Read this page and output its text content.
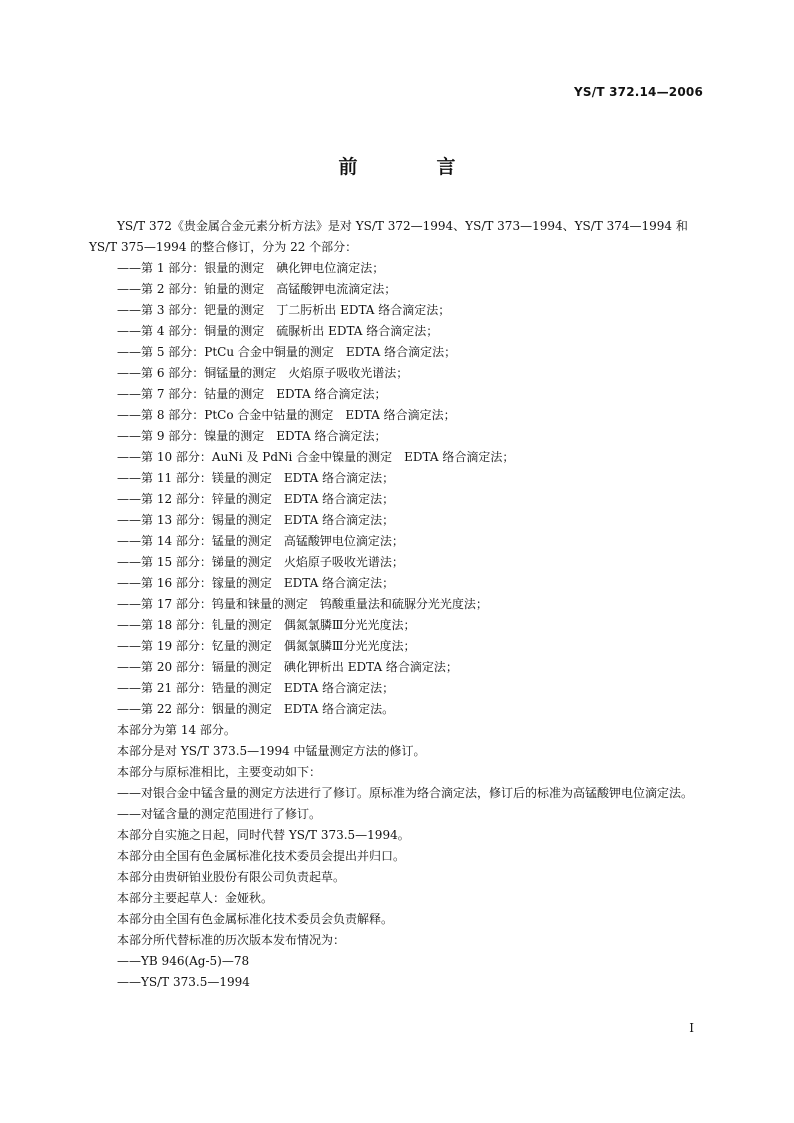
YS/T 372.14—2006
前　言

YS/T 372《贵金属合金元素分析方法》是对 YS/T 372—1994、YS/T 373—1994、YS/T 374—1994 和 YS/T 375—1994 的整合修订，分为 22 个部分：

——第 1 部分：银量的测定　碘化钾电位滴定法；

——第 2 部分：铂量的测定　高锰酸钾电流滴定法；

——第 3 部分：钯量的测定　丁二肟析出 EDTA 络合滴定法；

——第 4 部分：铜量的测定　硫脲析出 EDTA 络合滴定法；

——第 5 部分：PtCu 合金中铜量的测定　EDTA 络合滴定法；

——第 6 部分：铜锰量的测定　火焰原子吸收光谱法；

——第 7 部分：钴量的测定　EDTA 络合滴定法；

——第 8 部分：PtCo 合金中钴量的测定　EDTA 络合滴定法；

——第 9 部分：镍量的测定　EDTA 络合滴定法；

——第 10 部分：AuNi 及 PdNi 合金中镍量的测定　EDTA 络合滴定法；

——第 11 部分：镁量的测定　EDTA 络合滴定法；

——第 12 部分：锌量的测定　EDTA 络合滴定法；

——第 13 部分：锡量的测定　EDTA 络合滴定法；

——第 14 部分：锰量的测定　高锰酸钾电位滴定法；

——第 15 部分：锑量的测定　火焰原子吸收光谱法；

——第 16 部分：镓量的测定　EDTA 络合滴定法；

——第 17 部分：钨量和铼量的测定　钨酸重量法和硫脲分光光度法；

——第 18 部分：钆量的测定　偶氮氯膦Ⅲ分光光度法；

——第 19 部分：钇量的测定　偶氮氯膦Ⅲ分光光度法；

——第 20 部分：镉量的测定　碘化钾析出 EDTA 络合滴定法；

——第 21 部分：锆量的测定　EDTA 络合滴定法；

——第 22 部分：铟量的测定　EDTA 络合滴定法。

本部分为第 14 部分。

本部分是对 YS/T 373.5—1994 中锰量测定方法的修订。

本部分与原标准相比，主要变动如下：

——对银合金中锰含量的测定方法进行了修订。原标准为络合滴定法，修订后的标准为高锰酸钾电位滴定法。

——对锰含量的测定范围进行了修订。

本部分自实施之日起，同时代替 YS/T 373.5—1994。

本部分由全国有色金属标准化技术委员会提出并归口。

本部分由贵研铂业股份有限公司负责起草。

本部分主要起草人：金娅秋。

本部分由全国有色金属标准化技术委员会负责解释。

本部分所代替标准的历次版本发布情况为：

——YB 946(Ag-5)—78

——YS/T 373.5—1994

I
